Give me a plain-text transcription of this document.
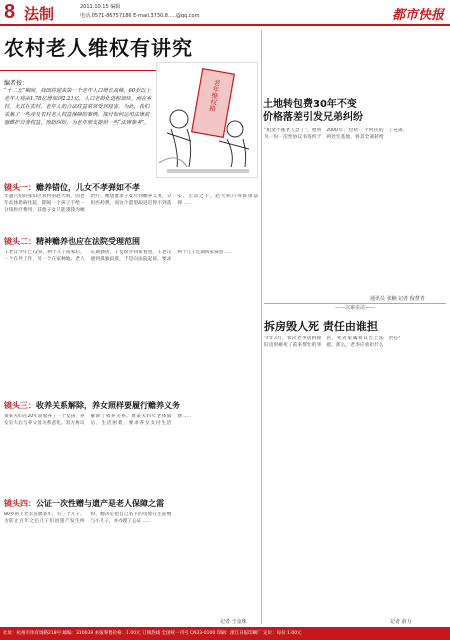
8 法制	2011.10.15 编辑
电话.0571-86757186 E-mail.3730.8.....@qq.com	都市快报
农村老人维权有讲究
编者按：
“十二五”期间，我国将迎来第一个老年人口增长高峰，60岁以上老年人将由1.78亿增加到2.21亿，人口老龄化进程加快。而在乡村，尤其在农村，老年人的合法权益常常受到侵害。为此，我们采集了一些涉及农村老人权益保障的案例，探讨如何运用法律武器维护自身权益，预防纠纷，为老年朋友提供一些“法律参考”。
老年维权路
镜头一：赡养错位，儿女不孝弹如不孝
年逾六旬的张山区农村的赵大妈，因老年贫体患病住院，期间一个孩子不给一分钱医疗费用，其他子女只能凑钱为她治疗。她想要求子女尽到赡养义务，分担医药费，而这个愿望却迟迟得不到落实。无奈之下，赵大妈只得诉诸法律……
镜头二：精神赡养也应在法院受理范围
王老汉今年已72岁，两个儿子成家后，一个在外工作，另一个在家种地。老人长期独居，子女很少回家看望，王老汉感到孤独寂寞，于是向法院起诉，要求两个儿子定期回家探望……
镜头三：收养关系解除，养女照样要履行赡养义务
黄某夫妇在20年前收养了一个女孩，养女长大后与养父母关系恶化，双方协议解除了收养关系。黄某夫妇年老体弱后，生活困难，要求养女支付生活费……
镜头四：公证一次性赠与遗产是老人保障之需
80岁的王老太丧偶多年，有三个儿子。为防止百年之后儿子们因遗产发生纠纷，她决定把自己名下的房屋在生前赠与小儿子，并办理了公证……
记者 王金珠
土地转包费30年不变
价格落差引发兄弟纠纷
“租金不涨老人急了”，他将另一份一次性协议书签约于2000年，包括一个村民的两处宅基地，将其全部转给了兄弟。
通讯员 张楠 记者 倪慧青
——以案说法——
拆房毁人死 责任由谁担
今年3月，农民老李因拆除旧房时砸死了前来帮忙的邻居，死者家属将其告上法庭。那么，老李应承担什么责任？
记者 俞力
社址：杭州市体育场路218号 邮编：310039 本报零售价格：1.00元 订阅热线 全国统一刊号 CN33-0100 印刷：浙江日报印刷厂 定价：每份 1.00元
